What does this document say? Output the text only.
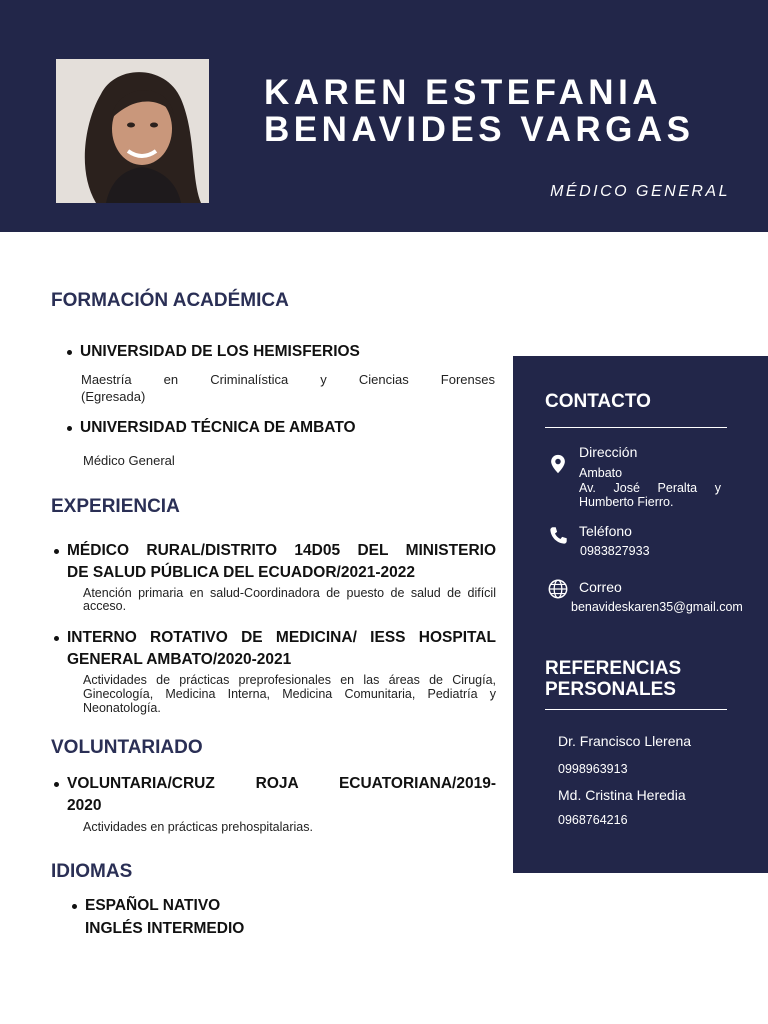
KAREN ESTEFANIA
BENAVIDES VARGAS
MÉDICO GENERAL
FORMACIÓN ACADÉMICA
UNIVERSIDAD DE LOS HEMISFERIOS
Maestría en Criminalística y Ciencias Forenses
(Egresada)
UNIVERSIDAD TÉCNICA DE AMBATO
Médico General
EXPERIENCIA
MÉDICO RURAL/DISTRITO 14D05 DEL MINISTERIO
DE SALUD PÚBLICA DEL ECUADOR/2021-2022
Atención primaria en salud-Coordinadora de puesto de salud de difícil acceso.
INTERNO ROTATIVO DE MEDICINA/ IESS HOSPITAL
GENERAL AMBATO/2020-2021
Actividades de prácticas preprofesionales en las áreas de Cirugía, Ginecología, Medicina Interna, Medicina Comunitaria, Pediatría y Neonatología.
VOLUNTARIADO
VOLUNTARIA/CRUZ ROJA ECUATORIANA/2019-
2020
Actividades en prácticas prehospitalarias.
IDIOMAS
ESPAÑOL NATIVO
INGLÉS INTERMEDIO
CONTACTO
Dirección
Ambato
Av. José Peralta y
Humberto Fierro.
Teléfono
0983827933
Correo
benavideskaren35@gmail.com
REFERENCIAS
PERSONALES
Dr. Francisco Llerena
0998963913
Md. Cristina Heredia
0968764216
